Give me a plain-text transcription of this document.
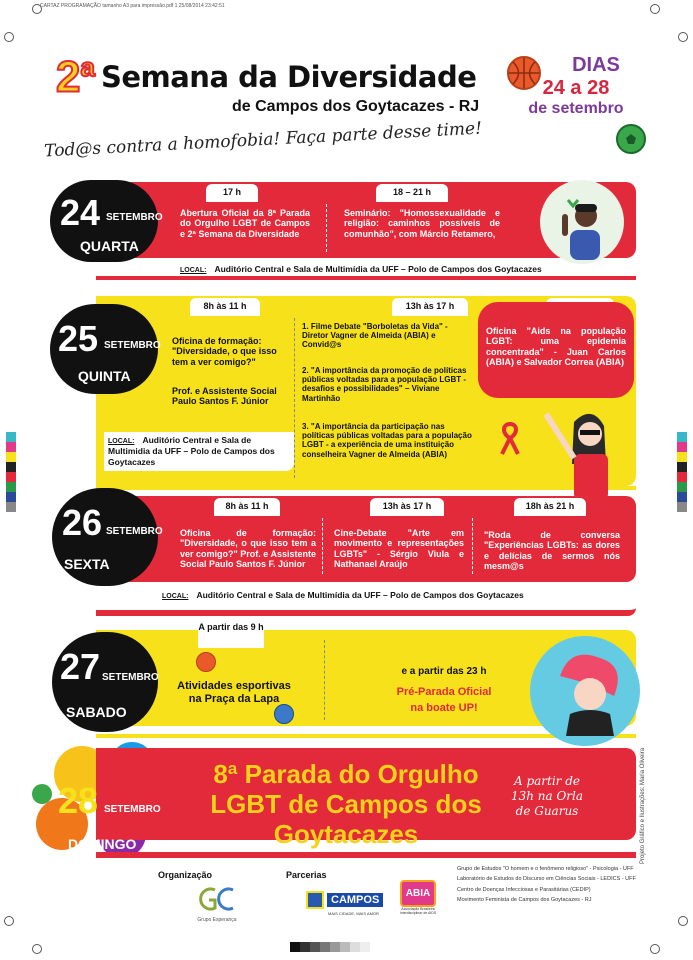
CARTAZ PROGRAMAÇÃO tamanho A3 para impressão.pdf 1 25/08/2014 23:42:51
2$^a$ Semana da Diversidade
de Campos dos Goytacazes - RJ
DIAS
24 a 28
de setembro
Tod@s contra a homofobia! Faça parte desse time!
24 SETEMBRO
QUARTA
17 h	18 – 21 h
Abertura Oficial da 8ª Parada do Orgulho LGBT de Campos e 2ª Semana da Diversidade
Seminário: "Homossexualidade e religião: caminhos possíveis de comunhão", com Márcio Retamero,
LOCAL: Auditório Central e Sala de Multimídia da UFF – Polo de Campos dos Goytacazes
25 SETEMBRO
QUINTA
8h às 11 h	13h às 17 h
Oficina de formação: "Diversidade, o que isso tem a ver comigo?"
Prof. e Assistente Social Paulo Santos F. Júnior
1. Filme Debate "Borboletas da Vida" - Diretor Vagner de Almeida (ABIA) e Convid@s
2. "A importância da promoção de políticas públicas voltadas para a população LGBT - desafios e possibilidades" – Viviane Martinhão
3. "A importância da participação nas políticas públicas voltadas para a população LGBT - a experiência de uma instituição conselheira Vagner de Almeida (ABIA)
Oficina "Aids na população LGBT: uma epidemia concentrada" - Juan Carlos (ABIA) e Salvador Correa (ABIA)
LOCAL: Auditório Central e Sala de Multimidia da UFF – Polo de Campos dos Goytacazes
26 SETEMBRO
SEXTA
8h às 11 h	13h às 17 h	18h às 21 h
Oficina de formação: "Diversidade, o que isso tem a ver comigo?" Prof. e Assistente Social Paulo Santos F. Júnior
Cine-Debate "Arte em movimento e representações LGBTs" - Sérgio Viula e Nathanael Araújo
"Roda de conversa "Experiências LGBTs: as dores e delícias de sermos nós mesm@s
LOCAL: Auditório Central e Sala de Multimídia da UFF – Polo de Campos dos Goytacazes
27 SETEMBRO
SABADO
A partir das 9 h
Atividades esportivas na Praça da Lapa
e a partir das 23 h
Pré-Parada Oficial
na boate UP!
28 SETEMBRO
DOMINGO
8ª Parada do Orgulho LGBT de Campos dos Goytacazes
A partir de 13h na Orla de Guarus	Projeto Gráfico e Ilustrações: Maria Oliveira
Organização
Grupo Esperança
Parcerias
CAMPOS
MAIS CIDADE, MAIS AMOR
ABIA
Associação Brasileira Interdisciplinar de AIDS
Grupo de Estudos "O homem e o fenômeno religioso" - Psicologia - UFF
Laboratório de Estudos do Discurso em Ciências Sociais - LEDICS - UFF
Centro de Doenças Infecciosas e Parasitárias (CEDIP)
Movimento Feminista de Campos dos Goytacazes - RJ
